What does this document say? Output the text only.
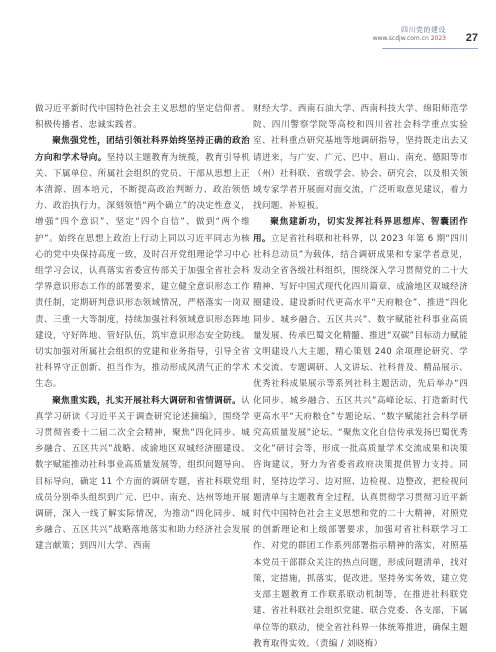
四川党的建设
www.scdjw.com.cn 2023 27

做习近平新时代中国特色社会主义思想的坚定信仰者、积极传播者、忠诚实践者。

聚焦强党性，团结引领社科界始终坚持正确的政治方向和学术导向。坚持以主题教育为统揽，教育引导机关、下属单位、所属社会组织的党员、干部从思想上正本清源、固本培元，不断提高政治判断力、政治领悟力、政治执行力，深刻领悟“两个确立”的决定性意义，增强“四个意识”、坚定“四个自信”、做到“两个维护”。始终在思想上政治上行动上同以习近平同志为核心的党中央保持高度一致，及时召开党组理论学习中心组学习会议，认真落实省委宣传部关于加强全省社会科学界意识形态工作的部署要求，建立健全意识形态工作责任制，定期研判意识形态领域情况，严格落实一岗双责、三重一大等制度，持续加强社科领域意识形态阵地建设，守好阵地、管好队伍，筑牢意识形态安全防线。切实加强对所属社会组织的党建和业务指导，引导全省社科界守正创新、担当作为，推动形成风清气正的学术生态。

聚焦重实践，扎实开展社科大调研和省情调研。认真学习研读《习近平关于调查研究论述摘编》，围绕学习贯彻省委十二届二次全会精神，聚焦“四化同步、城乡融合、五区共兴”战略、成渝地区双城经济圈建设、数字赋能推动社科事业高质量发展等，组织问题导向、目标导向，确定 11 个方面的调研专题，省社科联党组成员分别牵头组织到广元、巴中、南充、达州等地开展调研，深入一线了解实际情况，为推动“四化同步、城乡融合、五区共兴”战略落地落实和助力经济社会发展建言献策；到四川大学、西南

财经大学、西南石油大学、西南科技大学、绵阳师范学院、四川警察学院等高校和四川省社会科学重点实验室、社科重点研究基地等地调研指导，坚持既走出去又请进来，与广安、广元、巴中、眉山、南充、德阳等市（州）社科联、省级学会、协会、研究会，以及相关领域专家学者开展面对面交流，广泛听取意见建议，着力找问题、补短板。

聚焦建新功，切实发挥社科界思想库、智囊团作用。立足省社科联和社科界，以 2023 年第 6 期“四川社科总动员”为载体，结合调研成果和专家学者意见，发动全省各级社科组织，围绕深入学习贯彻党的二十大精神、写好中国式现代化四川篇章、成渝地区双城经济圈建设、建设新时代更高水平“天府粮仓”、推进“四化同步、城乡融合、五区共兴”、数字赋能社科事业高质量发展、传承巴蜀文化精髓、推进“双碳”目标动力赋能文明建设八大主题，精心策划 240 余项理论研究、学术交流、专题调研、人文讲坛、社科普及、精品展示、优秀社科成果展示等系列社科主题活动，先后举办“四化同步、城乡融合、五区共兴”高峰论坛、打造新时代更高水平“天府粮仓”专题论坛、“数字赋能社会科学研究高质量发展”论坛、“聚焦文化自信传承发扬巴蜀优秀文化”研讨会等，形成一批高质量学术交流成果和决策咨询建议，努力为省委省政府决策提供智力支持。同时，坚持边学习、边对照、边检视、边整改，把检视问题清单与主题教育全过程，认真贯彻学习贯彻习近平新时代中国特色社会主义思想和党的二十大精神，对照党的创新理论和上级部署要求，加强对省社科联学习工作、对党的群团工作系列部署指示精神的落实，对照基本党员干部群众关注的热点问题，形成问题清单，找对策，定措施，抓落实，促改进。坚持务实务效，建立党支部主题教育工作联系联动机制等，在推进社科联党建、省社科联社会组织党建、联合党委、各支部，下属单位等的联动，使全省社科界一体统筹推进，确保主题教育取得实效。（责编 / 刘晓梅）
